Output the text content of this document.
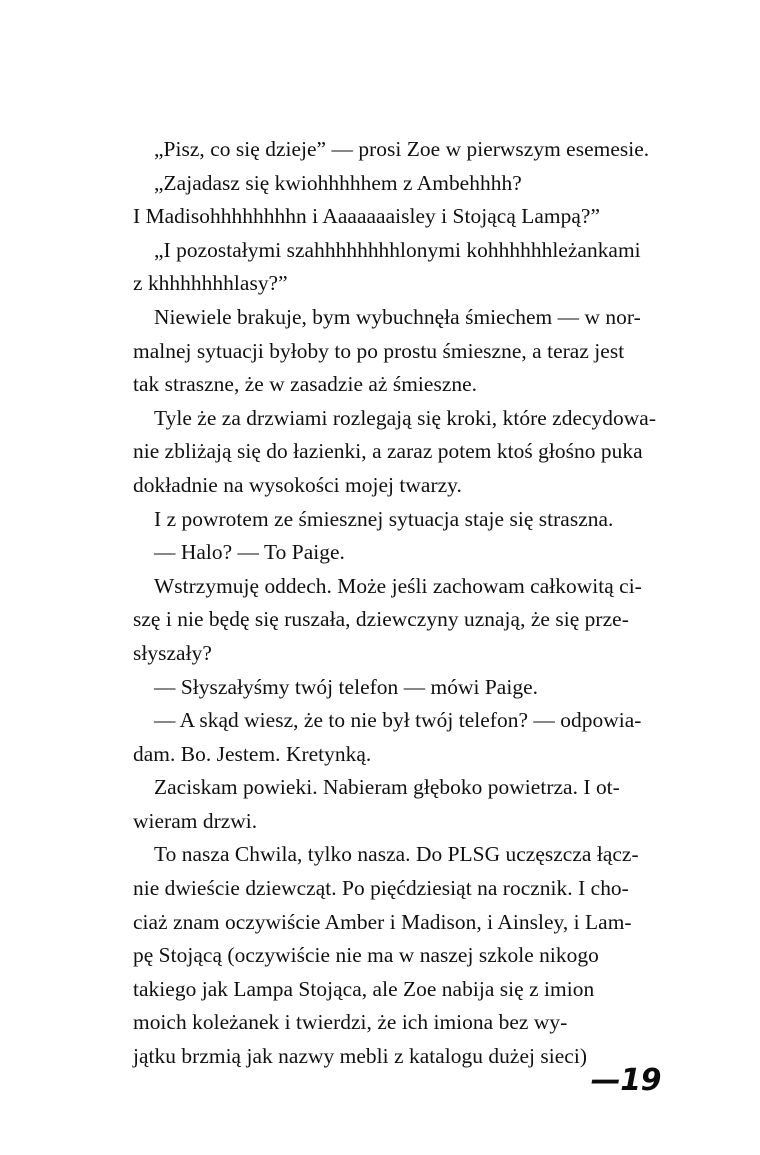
„Pisz, co się dzieje” — prosi Zoe w pierwszym esemesie.
„Zajadasz się kwiohhhhhem z Ambehhhh?
I Madisohhhhhhhhn i Aaaaaaaisley i Stojącą Lampą?”
„I pozostałymi szahhhhhhhhlonymi kohhhhhhleżankami
z khhhhhhhlasy?”
Niewiele brakuje, bym wybuchnęła śmiechem — w nor-
malnej sytuacji byłoby to po prostu śmieszne, a teraz jest
tak straszne, że w zasadzie aż śmieszne.
Tyle że za drzwiami rozlegają się kroki, które zdecydowa-
nie zbliżają się do łazienki, a zaraz potem ktoś głośno puka
dokładnie na wysokości mojej twarzy.
I z powrotem ze śmiesznej sytuacja staje się straszna.
— Halo? — To Paige.
Wstrzymuję oddech. Może jeśli zachowam całkowitą ci-
szę i nie będę się ruszała, dziewczyny uznają, że się prze-
słyszały?
— Słyszałyśmy twój telefon — mówi Paige.
— A skąd wiesz, że to nie był twój telefon? — odpowia-
dam. Bo. Jestem. Kretynką.
Zaciskam powieki. Nabieram głęboko powietrza. I ot-
wieram drzwi.
To nasza Chwila, tylko nasza. Do PLSG uczęszcza łącz-
nie dwieście dziewcząt. Po pięćdziesiąt na rocznik. I cho-
ciaż znam oczywiście Amber i Madison, i Ainsley, i Lam-
pę Stojącą (oczywiście nie ma w naszej szkole nikogo
takiego jak Lampa Stojąca, ale Zoe nabija się z imion
moich koleżanek i twierdzi, że ich imiona bez wy-
jątku brzmią jak nazwy mebli z katalogu dużej sieci)
—19
